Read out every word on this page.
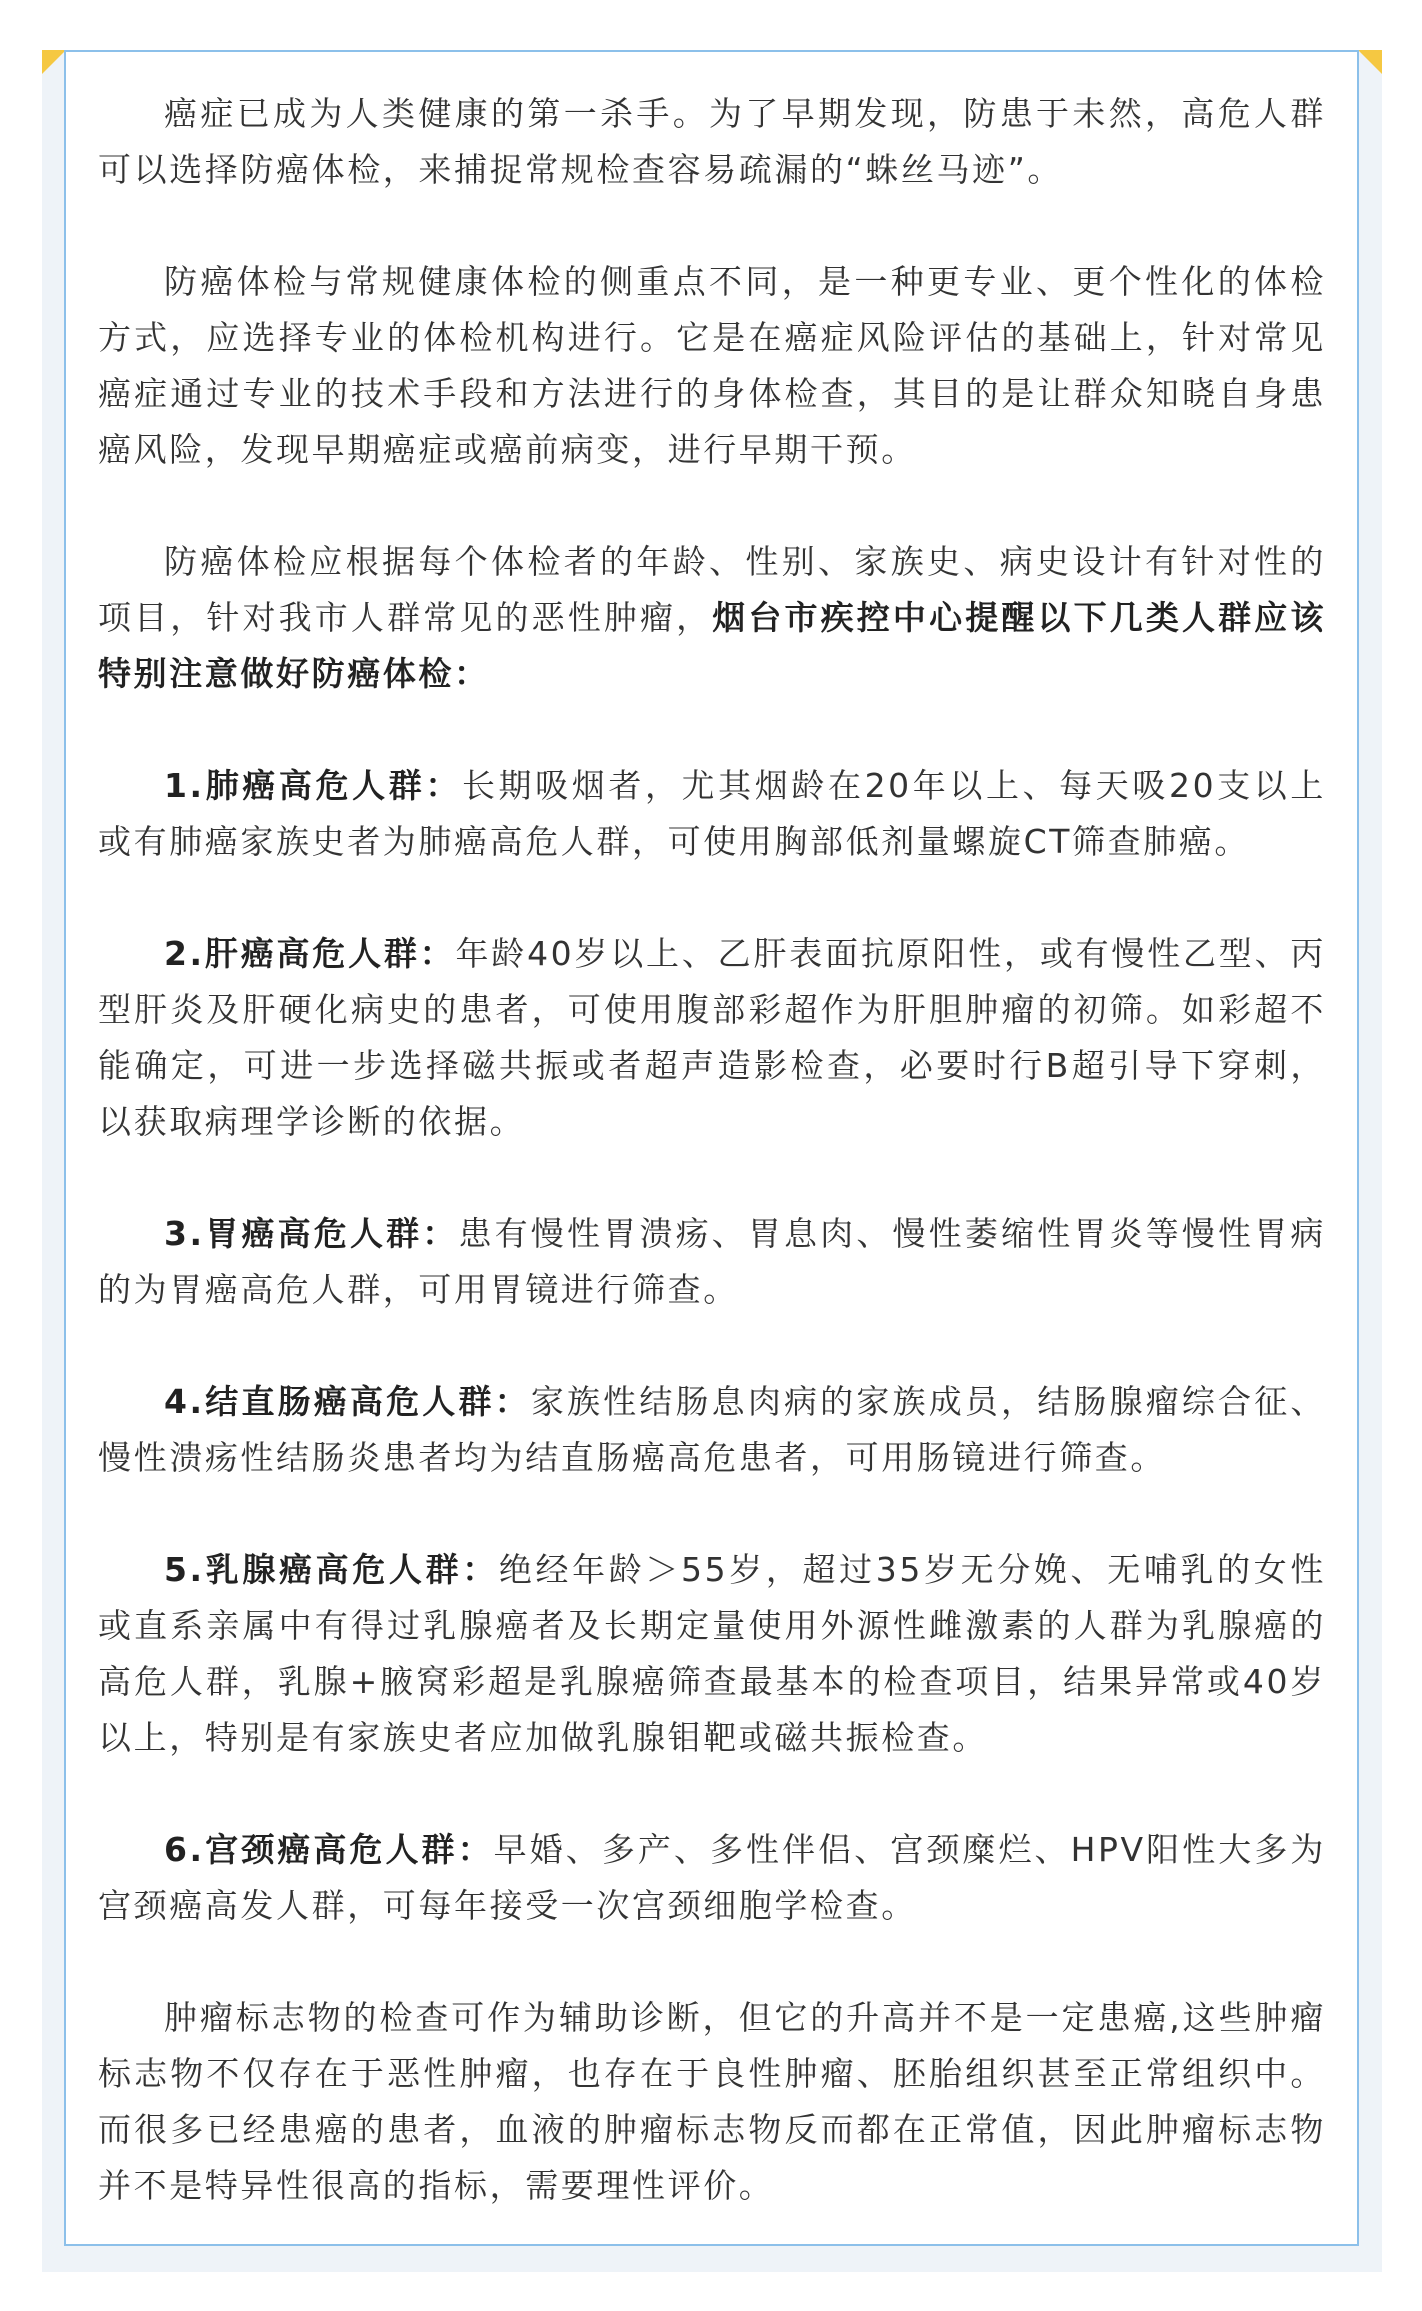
癌症已成为人类健康的第一杀手。为了早期发现，防患于未然，高危人群可以选择防癌体检，来捕捉常规检查容易疏漏的“蛛丝马迹”。

防癌体检与常规健康体检的侧重点不同，是一种更专业、更个性化的体检方式，应选择专业的体检机构进行。它是在癌症风险评估的基础上，针对常见癌症通过专业的技术手段和方法进行的身体检查，其目的是让群众知晓自身患癌风险，发现早期癌症或癌前病变，进行早期干预。

防癌体检应根据每个体检者的年龄、性别、家族史、病史设计有针对性的项目，针对我市人群常见的恶性肿瘤，烟台市疾控中心提醒以下几类人群应该特别注意做好防癌体检：

1.肺癌高危人群：长期吸烟者，尤其烟龄在20年以上、每天吸20支以上或有肺癌家族史者为肺癌高危人群，可使用胸部低剂量螺旋CT筛查肺癌。

2.肝癌高危人群：年龄40岁以上、乙肝表面抗原阳性，或有慢性乙型、丙型肝炎及肝硬化病史的患者，可使用腹部彩超作为肝胆肿瘤的初筛。如彩超不能确定，可进一步选择磁共振或者超声造影检查，必要时行B超引导下穿刺，以获取病理学诊断的依据。

3.胃癌高危人群：患有慢性胃溃疡、胃息肉、慢性萎缩性胃炎等慢性胃病的为胃癌高危人群，可用胃镜进行筛查。

4.结直肠癌高危人群：家族性结肠息肉病的家族成员，结肠腺瘤综合征、慢性溃疡性结肠炎患者均为结直肠癌高危患者，可用肠镜进行筛查。

5.乳腺癌高危人群：绝经年龄＞55岁，超过35岁无分娩、无哺乳的女性或直系亲属中有得过乳腺癌者及长期定量使用外源性雌激素的人群为乳腺癌的高危人群，乳腺+腋窝彩超是乳腺癌筛查最基本的检查项目，结果异常或40岁以上，特别是有家族史者应加做乳腺钼靶或磁共振检查。

6.宫颈癌高危人群：早婚、多产、多性伴侣、宫颈糜烂、HPV阳性大多为宫颈癌高发人群，可每年接受一次宫颈细胞学检查。

肿瘤标志物的检查可作为辅助诊断，但它的升高并不是一定患癌,这些肿瘤标志物不仅存在于恶性肿瘤，也存在于良性肿瘤、胚胎组织甚至正常组织中。而很多已经患癌的患者，血液的肿瘤标志物反而都在正常值，因此肿瘤标志物并不是特异性很高的指标，需要理性评价。
